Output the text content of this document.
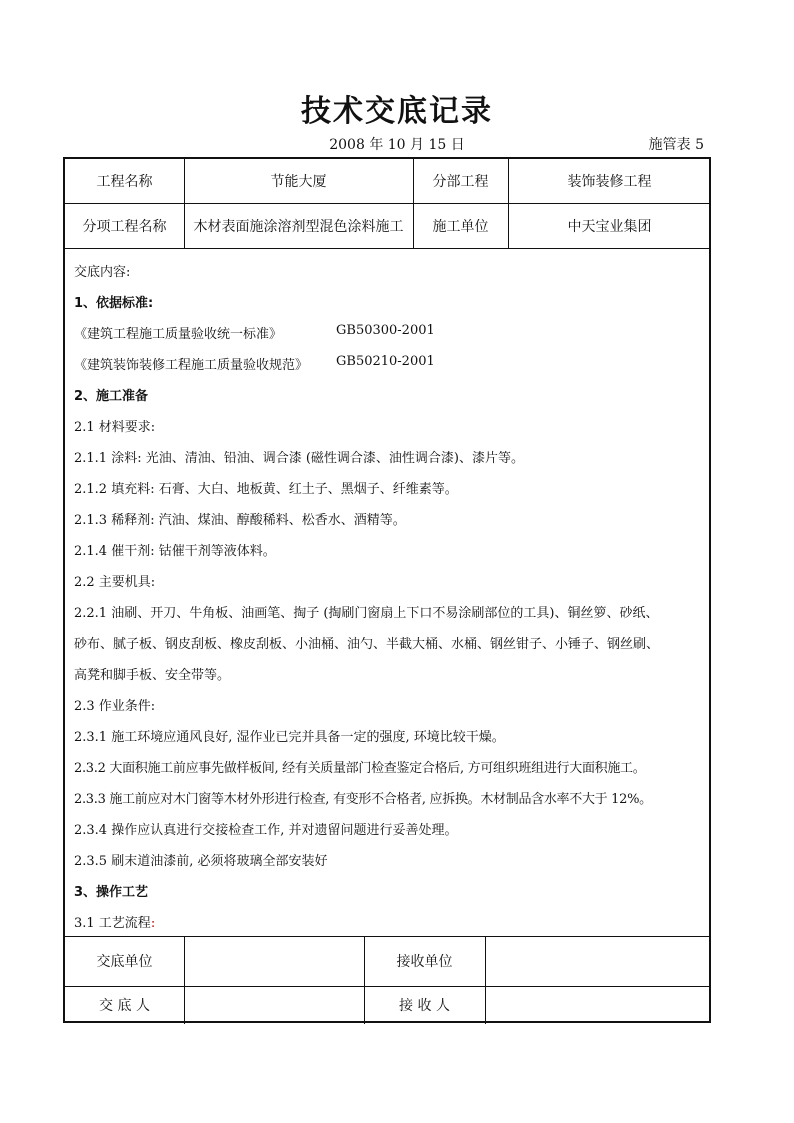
技术交底记录
2008 年 10 月 15 日	施管表 5
工程名称	节能大厦	分部工程	装饰装修工程
分项工程名称	木材表面施涂溶剂型混色涂料施工	施工单位	中天宝业集团
交底内容:
1、依据标准:
《建筑工程施工质量验收统一标准》	GB50300-2001
《建筑装饰装修工程施工质量验收规范》 GB50210-2001
2、施工准备
2.1 材料要求:
2.1.1 涂料: 光油、清油、铅油、调合漆 (磁性调合漆、油性调合漆)、漆片等。
2.1.2 填充料: 石膏、大白、地板黄、红土子、黑烟子、纤维素等。
2.1.3 稀释剂: 汽油、煤油、醇酸稀料、松香水、酒精等。
2.1.4 催干剂: 钴催干剂等液体料。
2.2 主要机具:
2.2.1 油刷、开刀、牛角板、油画笔、掏子 (掏刷门窗扇上下口不易涂刷部位的工具)、铜丝箩、砂纸、
砂布、腻子板、钢皮刮板、橡皮刮板、小油桶、油勺、半截大桶、水桶、钢丝钳子、小锤子、钢丝刷、
高凳和脚手板、安全带等。
2.3 作业条件:
2.3.1 施工环境应通风良好, 湿作业已完并具备一定的强度, 环境比较干燥。
2.3.2 大面积施工前应事先做样板间, 经有关质量部门检查鉴定合格后, 方可组织班组进行大面积施工。
2.3.3 施工前应对木门窗等木材外形进行检查, 有变形不合格者, 应拆换。木材制品含水率不大于 12%。
2.3.4 操作应认真进行交接检查工作, 并对遗留问题进行妥善处理。
2.3.5 刷末道油漆前, 必须将玻璃全部安装好
3、操作工艺
3.1 工艺流程:
交底单位	接收单位
交 底 人	接 收 人
